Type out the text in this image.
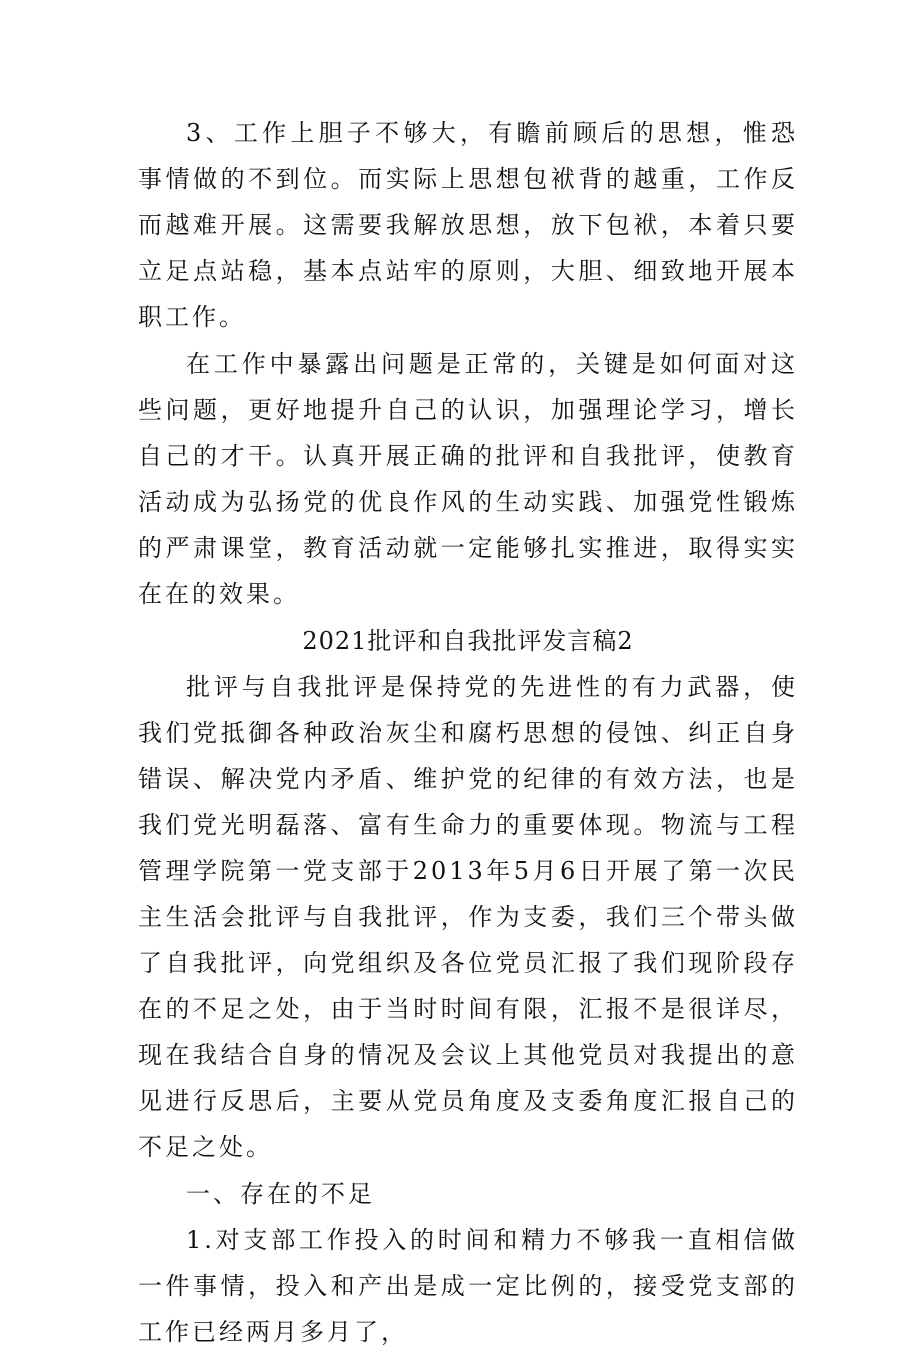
3、工作上胆子不够大，有瞻前顾后的思想，惟恐事情做的不到位。而实际上思想包袱背的越重，工作反而越难开展。这需要我解放思想，放下包袱，本着只要立足点站稳，基本点站牢的原则，大胆、细致地开展本职工作。

在工作中暴露出问题是正常的，关键是如何面对这些问题，更好地提升自己的认识，加强理论学习，增长自己的才干。认真开展正确的批评和自我批评，使教育活动成为弘扬党的优良作风的生动实践、加强党性锻炼的严肃课堂，教育活动就一定能够扎实推进，取得实实在在的效果。

2021批评和自我批评发言稿2

批评与自我批评是保持党的先进性的有力武器，使我们党抵御各种政治灰尘和腐朽思想的侵蚀、纠正自身错误、解决党内矛盾、维护党的纪律的有效方法，也是我们党光明磊落、富有生命力的重要体现。物流与工程管理学院第一党支部于2013年5月6日开展了第一次民主生活会批评与自我批评，作为支委，我们三个带头做了自我批评，向党组织及各位党员汇报了我们现阶段存在的不足之处，由于当时时间有限，汇报不是很详尽，现在我结合自身的情况及会议上其他党员对我提出的意见进行反思后，主要从党员角度及支委角度汇报自己的不足之处。

一、存在的不足

1.对支部工作投入的时间和精力不够我一直相信做一件事情，投入和产出是成一定比例的，接受党支部的工作已经两月多月了，
